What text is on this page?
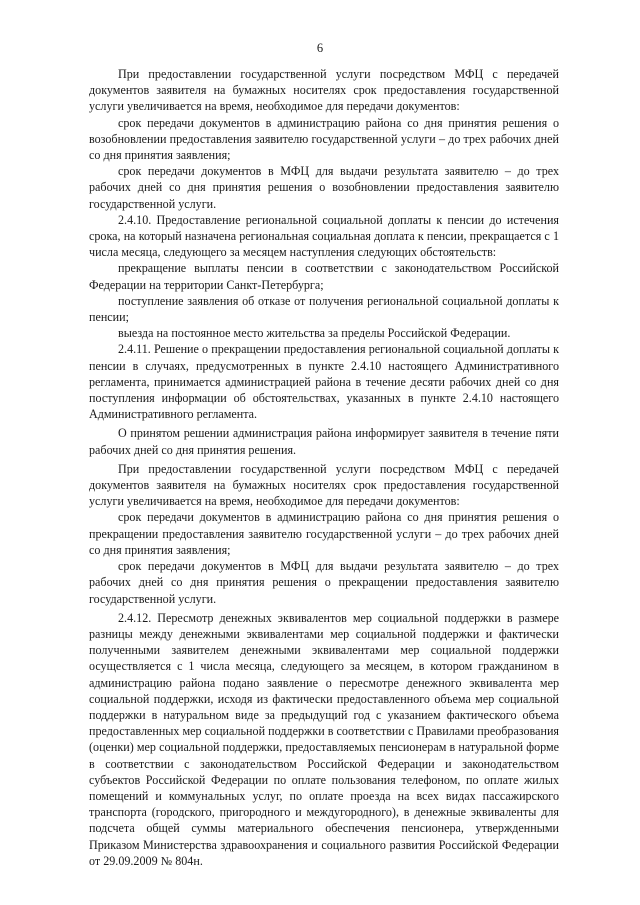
6

При предоставлении государственной услуги посредством МФЦ с передачей документов заявителя на бумажных носителях срок предоставления государственной услуги увеличивается на время, необходимое для передачи документов:

срок передачи документов в администрацию района со дня принятия решения о возобновлении предоставления заявителю государственной услуги – до трех рабочих дней со дня принятия заявления;

срок передачи документов в МФЦ для выдачи результата заявителю – до трех рабочих дней со дня принятия решения о возобновлении предоставления заявителю государственной услуги.

2.4.10. Предоставление региональной социальной доплаты к пенсии до истечения срока, на который назначена региональная социальная доплата к пенсии, прекращается с 1 числа месяца, следующего за месяцем наступления следующих обстоятельств:

прекращение выплаты пенсии в соответствии с законодательством Российской Федерации на территории Санкт-Петербурга;

поступление заявления об отказе от получения региональной социальной доплаты к пенсии;

выезда на постоянное место жительства за пределы Российской Федерации.

2.4.11. Решение о прекращении предоставления региональной социальной доплаты к пенсии в случаях, предусмотренных в пункте 2.4.10 настоящего Административного регламента, принимается администрацией района в течение десяти рабочих дней со дня поступления информации об обстоятельствах, указанных в пункте 2.4.10 настоящего Административного регламента.

О принятом решении администрация района информирует заявителя в течение пяти рабочих дней со дня принятия решения.

При предоставлении государственной услуги посредством МФЦ с передачей документов заявителя на бумажных носителях срок предоставления государственной услуги увеличивается на время, необходимое для передачи документов:

срок передачи документов в администрацию района со дня принятия решения о прекращении предоставления заявителю государственной услуги – до трех рабочих дней со дня принятия заявления;

срок передачи документов в МФЦ для выдачи результата заявителю – до трех рабочих дней со дня принятия решения о прекращении предоставления заявителю государственной услуги.

2.4.12. Пересмотр денежных эквивалентов мер социальной поддержки в размере разницы между денежными эквивалентами мер социальной поддержки и фактически полученными заявителем денежными эквивалентами мер социальной поддержки осуществляется с 1 числа месяца, следующего за месяцем, в котором гражданином в администрацию района подано заявление о пересмотре денежного эквивалента мер социальной поддержки, исходя из фактически предоставленного объема мер социальной поддержки в натуральном виде за предыдущий год с указанием фактического объема предоставленных мер социальной поддержки в соответствии с Правилами преобразования (оценки) мер социальной поддержки, предоставляемых пенсионерам в натуральной форме в соответствии с законодательством Российской Федерации и законодательством субъектов Российской Федерации по оплате пользования телефоном, по оплате жилых помещений и коммунальных услуг, по оплате проезда на всех видах пассажирского транспорта (городского, пригородного и междугородного), в денежные эквиваленты для подсчета общей суммы материального обеспечения пенсионера, утвержденными Приказом Министерства здравоохранения и социального развития Российской Федерации от 29.09.2009 № 804н.
